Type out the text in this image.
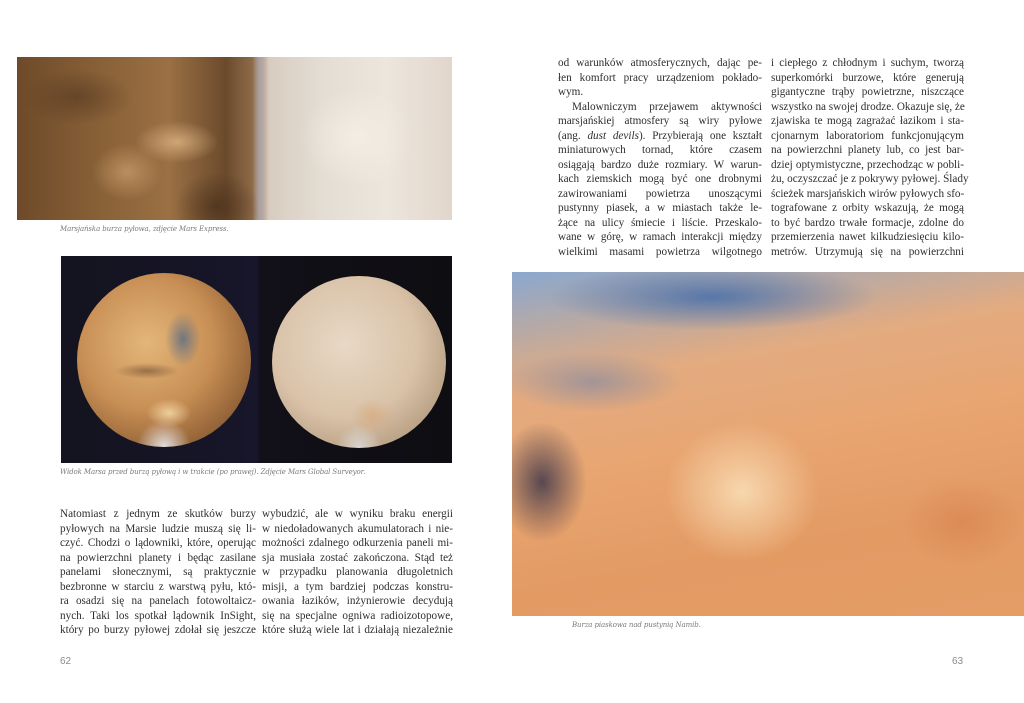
Marsjańska burza pyłowa, zdjęcie Mars Express.
Widok Marsa przed burzą pyłową i w trakcie (po prawej). Zdjęcie Mars Global Surveyor.
Natomiast z jednym ze skutków burzy
pyłowych na Marsie ludzie muszą się li-
czyć. Chodzi o lądowniki, które, operując
na powierzchni planety i będąc zasilane
panelami słonecznymi, są praktycznie
bezbronne w starciu z warstwą pyłu, któ-
ra osadzi się na panelach fotowoltaicz-
nych. Taki los spotkał lądownik InSight,
który po burzy pyłowej zdołał się jeszcze
wybudzić, ale w wyniku braku energii
w niedoładowanych akumulatorach i nie-
możności zdalnego odkurzenia paneli mi-
sja musiała zostać zakończona. Stąd też
w przypadku planowania długoletnich
misji, a tym bardziej podczas konstru-
owania łazików, inżynierowie decydują
się na specjalne ogniwa radioizotopowe,
które służą wiele lat i działają niezależnie
62
od warunków atmosferycznych, dając pe-
łen komfort pracy urządzeniom pokłado-
wym.
Malowniczym przejawem aktywności
marsjańskiej atmosfery są wiry pyłowe
(ang. dust devils). Przybierają one kształt
miniaturowych tornad, które czasem
osiągają bardzo duże rozmiary. W warun-
kach ziemskich mogą być one drobnymi
zawirowaniami powietrza unoszącymi
pustynny piasek, a w miastach także le-
żące na ulicy śmiecie i liście. Przeskalo-
wane w górę, w ramach interakcji między
wielkimi masami powietrza wilgotnego
i ciepłego z chłodnym i suchym, tworzą
superkomórki burzowe, które generują
gigantyczne trąby powietrzne, niszczące
wszystko na swojej drodze. Okazuje się, że
zjawiska te mogą zagrażać łazikom i sta-
cjonarnym laboratoriom funkcjonującym
na powierzchni planety lub, co jest bar-
dziej optymistyczne, przechodząc w pobli-
żu, oczyszczać je z pokrywy pyłowej. Ślady
ścieżek marsjańskich wirów pyłowych sfo-
tografowane z orbity wskazują, że mogą
to być bardzo trwałe formacje, zdolne do
przemierzenia nawet kilkudziesięciu kilo-
metrów. Utrzymują się na powierzchni
Burza piaskowa nad pustynią Namib.
63
